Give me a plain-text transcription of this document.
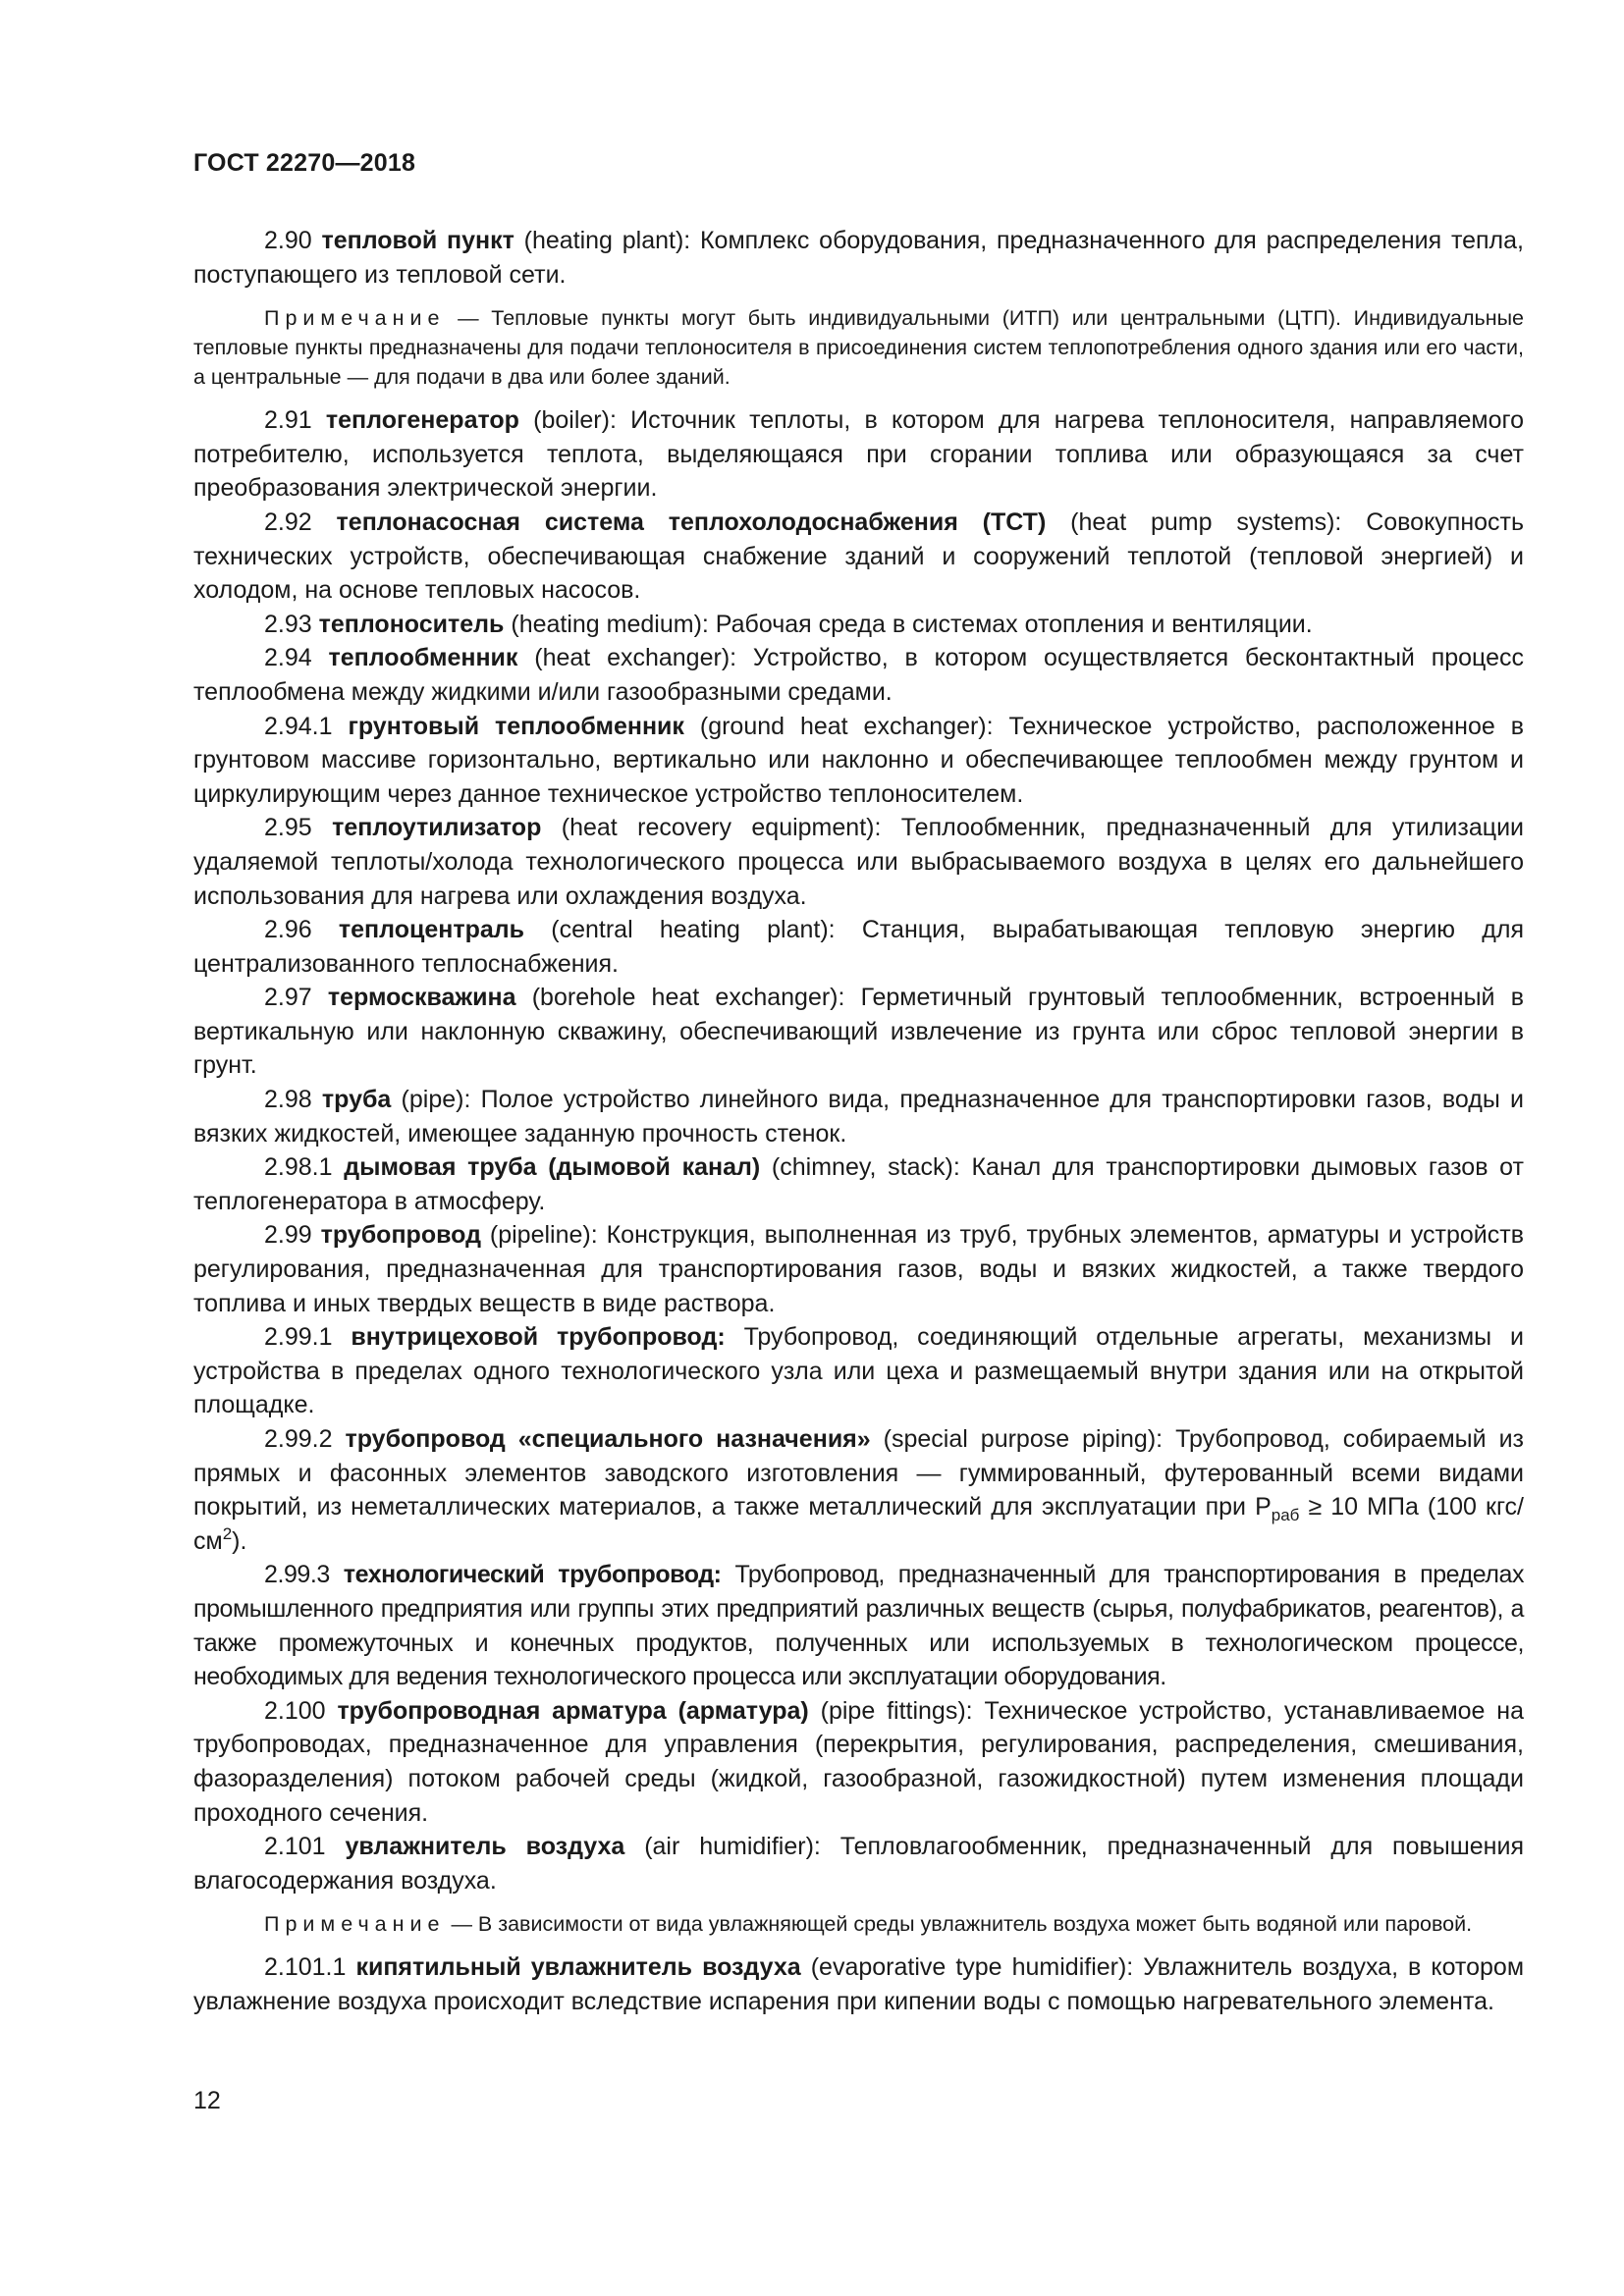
ГОСТ 22270—2018

2.90 тепловой пункт (heating plant): Комплекс оборудования, предназначенного для распределения тепла, поступающего из тепловой сети.

Примечание — Тепловые пункты могут быть индивидуальными (ИТП) или центральными (ЦТП). Индивидуальные тепловые пункты предназначены для подачи теплоносителя в присоединения систем теплопотребления одного здания или его части, а центральные — для подачи в два или более зданий.

2.91 теплогенератор (boiler): Источник теплоты, в котором для нагрева теплоносителя, направляемого потребителю, используется теплота, выделяющаяся при сгорании топлива или образующаяся за счет преобразования электрической энергии.

2.92 теплонасосная система теплохолодоснабжения (ТСТ) (heat pump systems): Совокупность технических устройств, обеспечивающая снабжение зданий и сооружений теплотой (тепловой энергией) и холодом, на основе тепловых насосов.

2.93 теплоноситель (heating medium): Рабочая среда в системах отопления и вентиляции.

2.94 теплообменник (heat exchanger): Устройство, в котором осуществляется бесконтактный процесс теплообмена между жидкими и/или газообразными средами.

2.94.1 грунтовый теплообменник (ground heat exchanger): Техническое устройство, расположенное в грунтовом массиве горизонтально, вертикально или наклонно и обеспечивающее теплообмен между грунтом и циркулирующим через данное техническое устройство теплоносителем.

2.95 теплоутилизатор (heat recovery equipment): Теплообменник, предназначенный для утилизации удаляемой теплоты/холода технологического процесса или выбрасываемого воздуха в целях его дальнейшего использования для нагрева или охлаждения воздуха.

2.96 теплоцентраль (central heating plant): Станция, вырабатывающая тепловую энергию для централизованного теплоснабжения.

2.97 термоскважина (borehole heat exchanger): Герметичный грунтовый теплообменник, встроенный в вертикальную или наклонную скважину, обеспечивающий извлечение из грунта или сброс тепловой энергии в грунт.

2.98 труба (pipe): Полое устройство линейного вида, предназначенное для транспортировки газов, воды и вязких жидкостей, имеющее заданную прочность стенок.

2.98.1 дымовая труба (дымовой канал) (chimney, stack): Канал для транспортировки дымовых газов от теплогенератора в атмосферу.

2.99 трубопровод (pipeline): Конструкция, выполненная из труб, трубных элементов, арматуры и устройств регулирования, предназначенная для транспортирования газов, воды и вязких жидкостей, а также твердого топлива и иных твердых веществ в виде раствора.

2.99.1 внутрицеховой трубопровод: Трубопровод, соединяющий отдельные агрегаты, механизмы и устройства в пределах одного технологического узла или цеха и размещаемый внутри здания или на открытой площадке.

2.99.2 трубопровод «специального назначения» (special purpose piping): Трубопровод, собираемый из прямых и фасонных элементов заводского изготовления — гуммированный, футерованный всеми видами покрытий, из неметаллических материалов, а также металлический для эксплуатации при $Р_{раб} \ge 10$ МПа (100 кгс/$см^2$).

2.99.3 технологический трубопровод: Трубопровод, предназначенный для транспортирования в пределах промышленного предприятия или группы этих предприятий различных веществ (сырья, полуфабрикатов, реагентов), а также промежуточных и конечных продуктов, полученных или используемых в технологическом процессе, необходимых для ведения технологического процесса или эксплуатации оборудования.

2.100 трубопроводная арматура (арматура) (pipe fittings): Техническое устройство, устанавливаемое на трубопроводах, предназначенное для управления (перекрытия, регулирования, распределения, смешивания, фазоразделения) потоком рабочей среды (жидкой, газообразной, газожидкостной) путем изменения площади проходного сечения.

2.101 увлажнитель воздуха (air humidifier): Тепловлагообменник, предназначенный для повышения влагосодержания воздуха.

Примечание — В зависимости от вида увлажняющей среды увлажнитель воздуха может быть водяной или паровой.

2.101.1 кипятильный увлажнитель воздуха (evaporative type humidifier): Увлажнитель воздуха, в котором увлажнение воздуха происходит вследствие испарения при кипении воды с помощью нагревательного элемента.

12
